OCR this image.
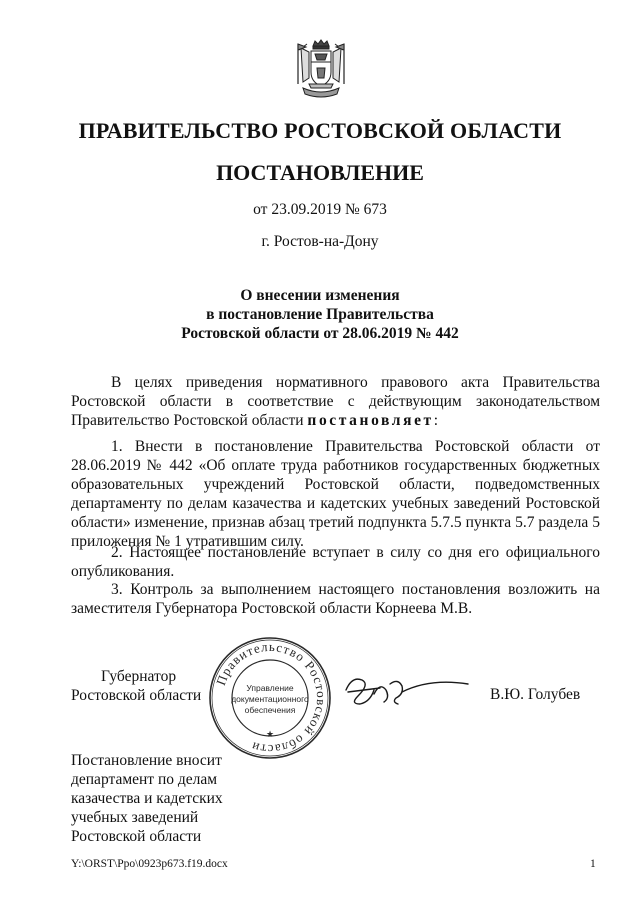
ПРАВИТЕЛЬСТВО РОСТОВСКОЙ ОБЛАСТИ
ПОСТАНОВЛЕНИЕ
от 23.09.2019 № 673
г. Ростов-на-Дону
О внесении изменения
в постановление Правительства
Ростовской области от 28.06.2019 № 442
В целях приведения нормативного правового акта Правительства Ростовской области в соответствие с действующим законодательством Правительство Ростовской области постановляет:
1. Внести в постановление Правительства Ростовской области от 28.06.2019 № 442 «Об оплате труда работников государственных бюджетных образовательных учреждений Ростовской области, подведомственных департаменту по делам казачества и кадетских учебных заведений Ростовской области» изменение, признав абзац третий подпункта 5.7.5 пункта 5.7 раздела 5 приложения № 1 утратившим силу.
2. Настоящее постановление вступает в силу со дня его официального опубликования.
3. Контроль за выполнением настоящего постановления возложить на заместителя Губернатора Ростовской области Корнеева М.В.
Губернатор
Ростовской области
Правительство Ростовской области
★
Управление
документационного
обеспечения
В.Ю. Голубев
Постановление вносит
департамент по делам
казачества и кадетских
учебных заведений
Ростовской области
Y:\ORST\Ppo\0923p673.f19.docx	1
